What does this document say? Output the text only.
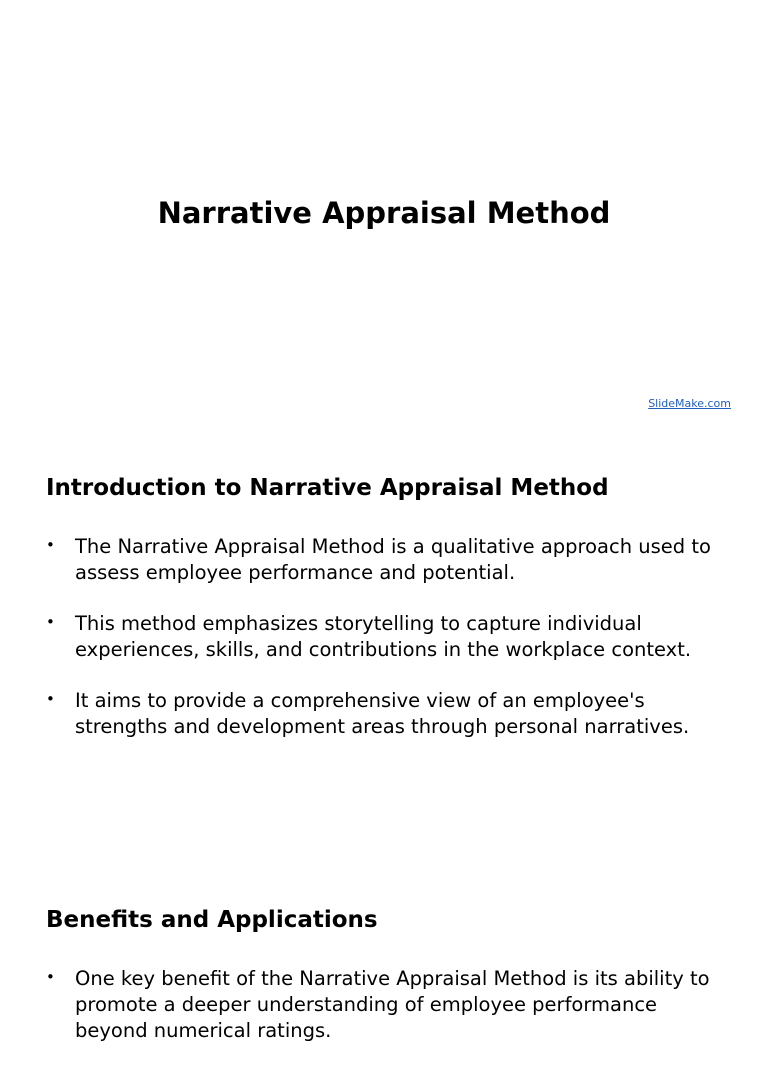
Narrative Appraisal Method
SlideMake.com
Introduction to Narrative Appraisal Method
•	The Narrative Appraisal Method is a qualitative approach used to assess employee performance and potential.
•	This method emphasizes storytelling to capture individual experiences, skills, and contributions in the workplace context.
•	It aims to provide a comprehensive view of an employee's strengths and development areas through personal narratives.
Benefits and Applications
•	One key benefit of the Narrative Appraisal Method is its ability to promote a deeper understanding of employee performance beyond numerical ratings.
